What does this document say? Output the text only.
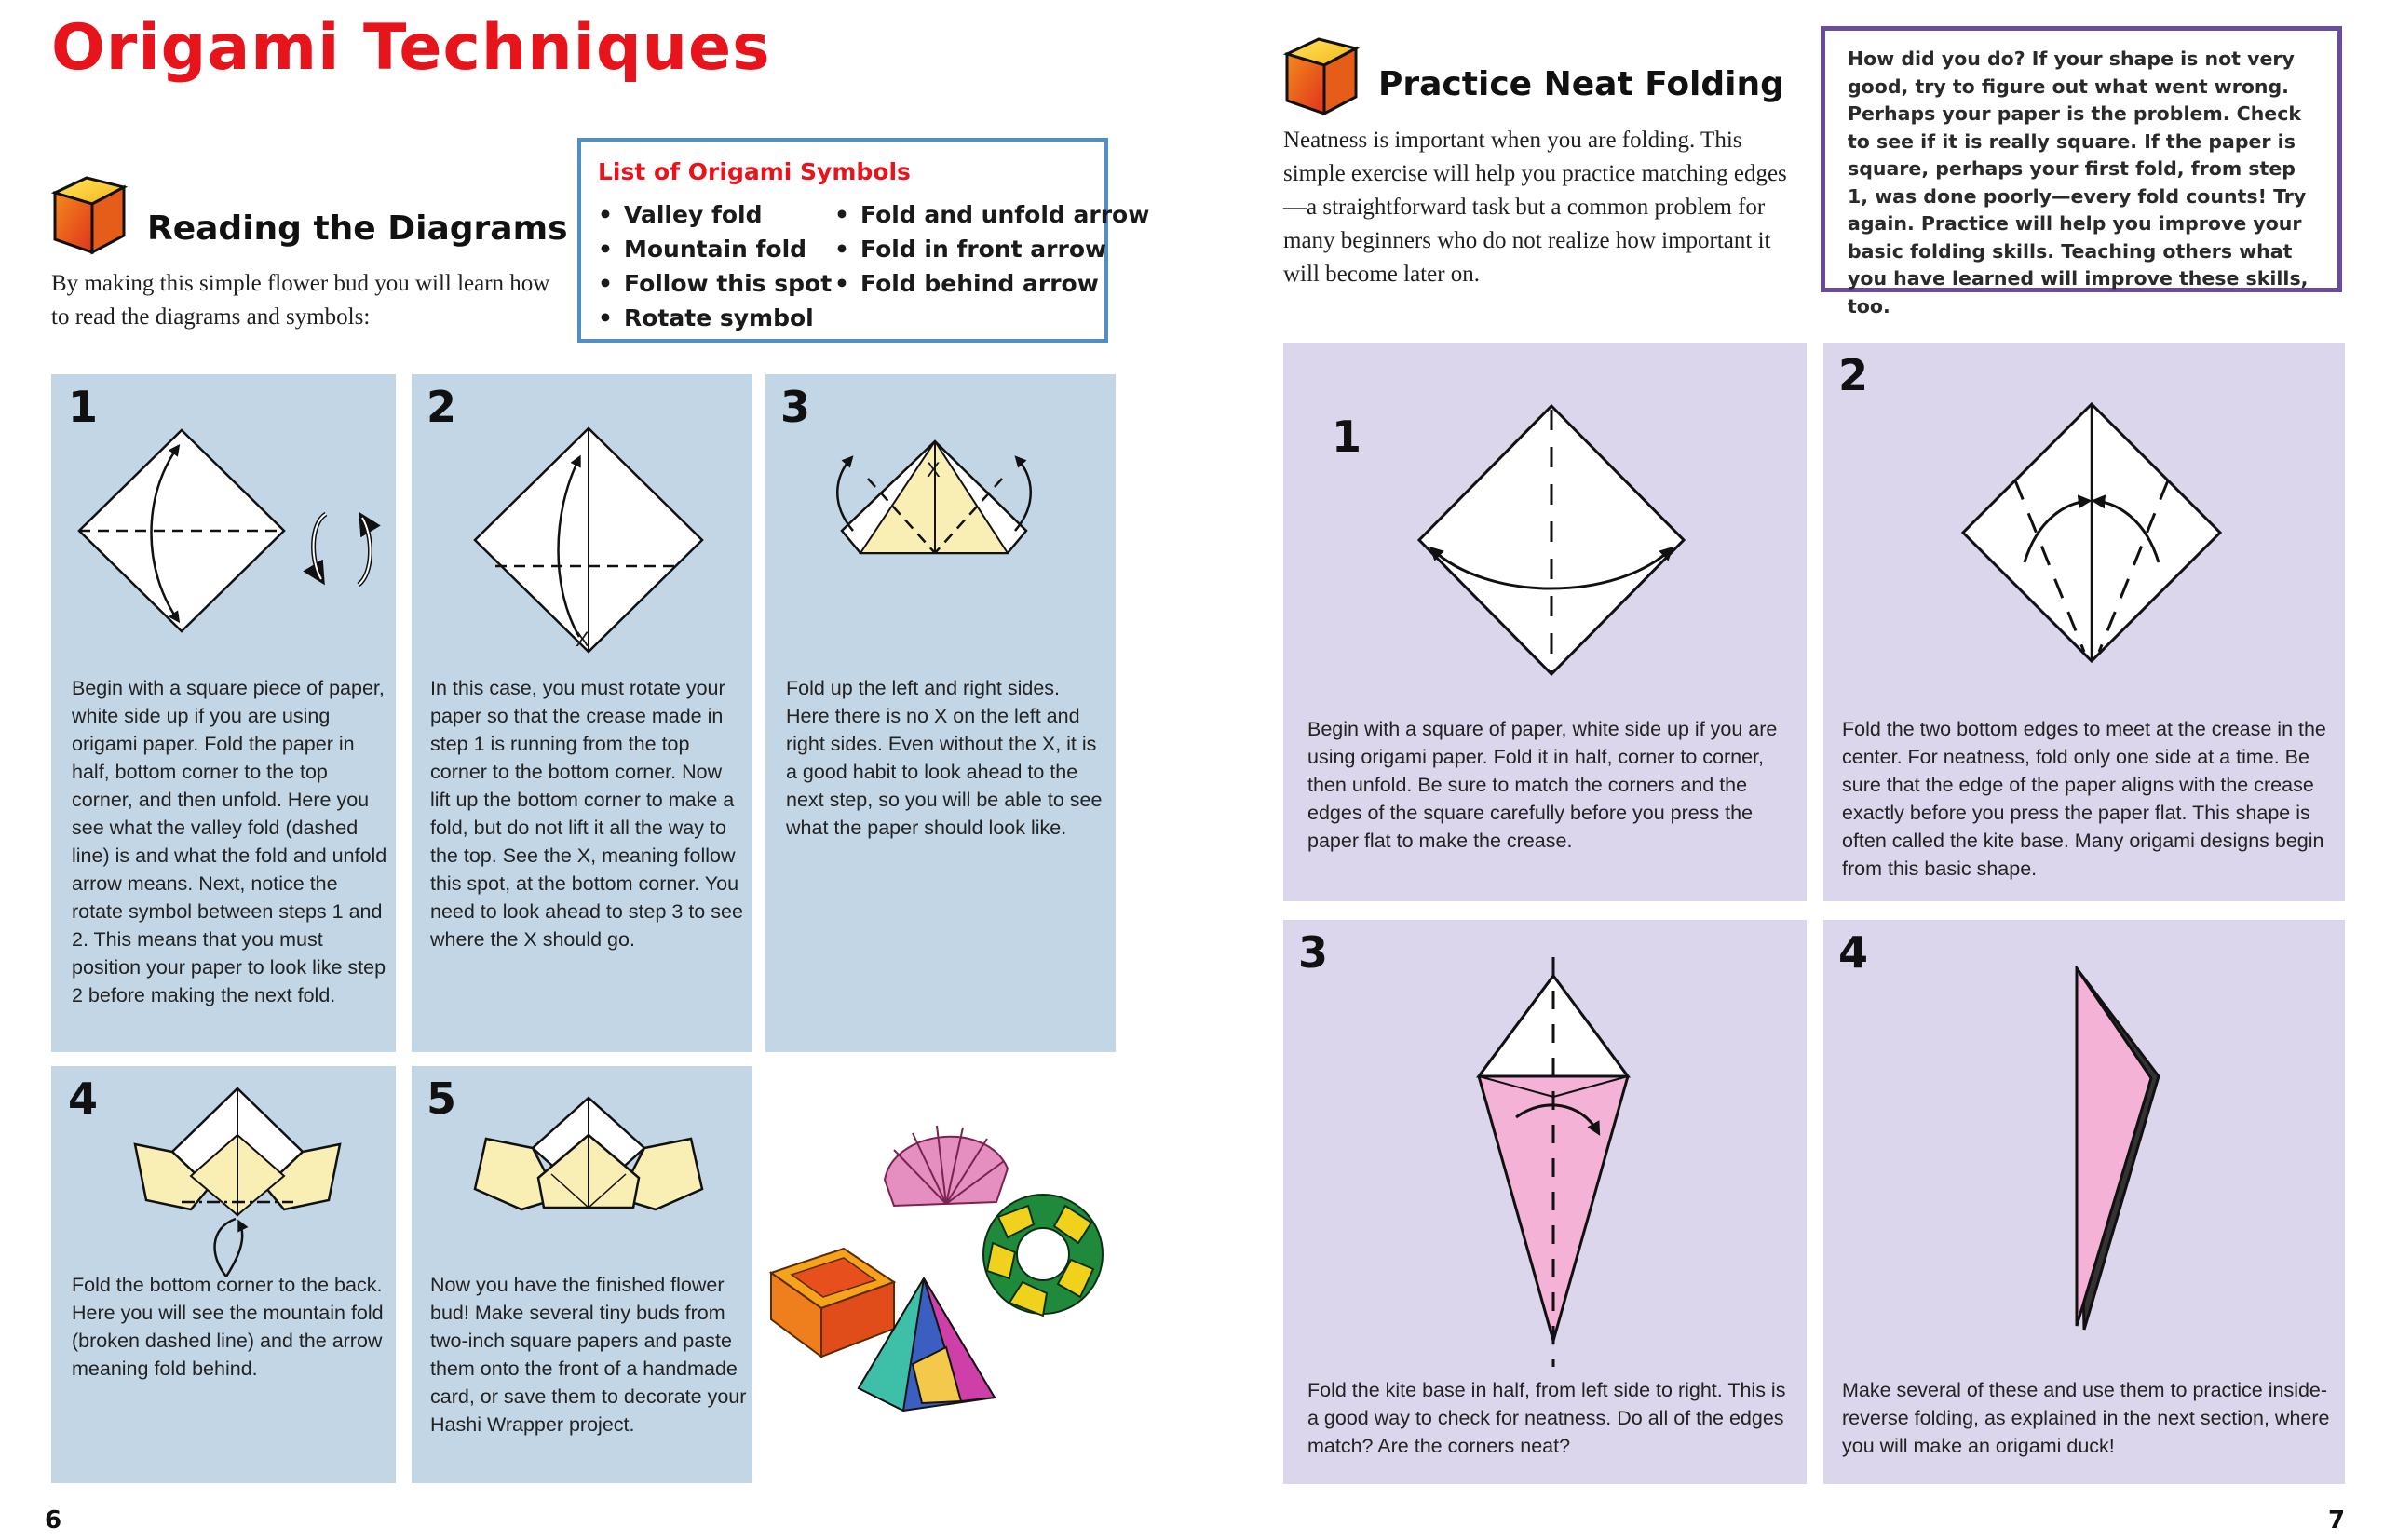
Origami Techniques
Reading the Diagrams
By making this simple flower bud you will learn how to read the diagrams and symbols:
List of Origami Symbols
• Valley fold
• Mountain fold
• Follow this spot
• Rotate symbol
• Fold and unfold arrow
• Fold in front arrow
• Fold behind arrow
1
Begin with a square piece of paper, white side up if you are using origami paper. Fold the paper in half, bottom corner to the top corner, and then unfold. Here you see what the valley fold (dashed line) is and what the fold and unfold arrow means. Next, notice the rotate symbol between steps 1 and 2. This means that you must position your paper to look like step 2 before making the next fold.
2
X
In this case, you must rotate your paper so that the crease made in step 1 is running from the top corner to the bottom corner. Now lift up the bottom corner to make a fold, but do not lift it all the way to the top. See the X, meaning follow this spot, at the bottom corner. You need to look ahead to step 3 to see where the X should go.
3
X
Fold up the left and right sides. Here there is no X on the left and right sides. Even without the X, it is a good habit to look ahead to the next step, so you will be able to see what the paper should look like.
4
Fold the bottom corner to the back. Here you will see the mountain fold (broken dashed line) and the arrow meaning fold behind.
5
Now you have the finished flower bud! Make several tiny buds from two-inch square papers and paste them onto the front of a handmade card, or save them to decorate your Hashi Wrapper project.
6
Practice Neat Folding
Neatness is important when you are folding. This simple exercise will help you practice matching edges—a straightforward task but a common problem for many beginners who do not realize how important it will become later on.
How did you do? If your shape is not very good, try to figure out what went wrong. Perhaps your paper is the problem. Check to see if it is really square. If the paper is square, perhaps your first fold, from step 1, was done poorly—every fold counts! Try again. Practice will help you improve your basic folding skills. Teaching others what you have learned will improve these skills, too.
1
Begin with a square of paper, white side up if you are using origami paper. Fold it in half, corner to corner, then unfold. Be sure to match the corners and the edges of the square carefully before you press the paper flat to make the crease.
2
Fold the two bottom edges to meet at the crease in the center. For neatness, fold only one side at a time. Be sure that the edge of the paper aligns with the crease exactly before you press the paper flat. This shape is often called the kite base. Many origami designs begin from this basic shape.
3
Fold the kite base in half, from left side to right. This is a good way to check for neatness. Do all of the edges match? Are the corners neat?
4
Make several of these and use them to practice inside-reverse folding, as explained in the next section, where you will make an origami duck!
7
